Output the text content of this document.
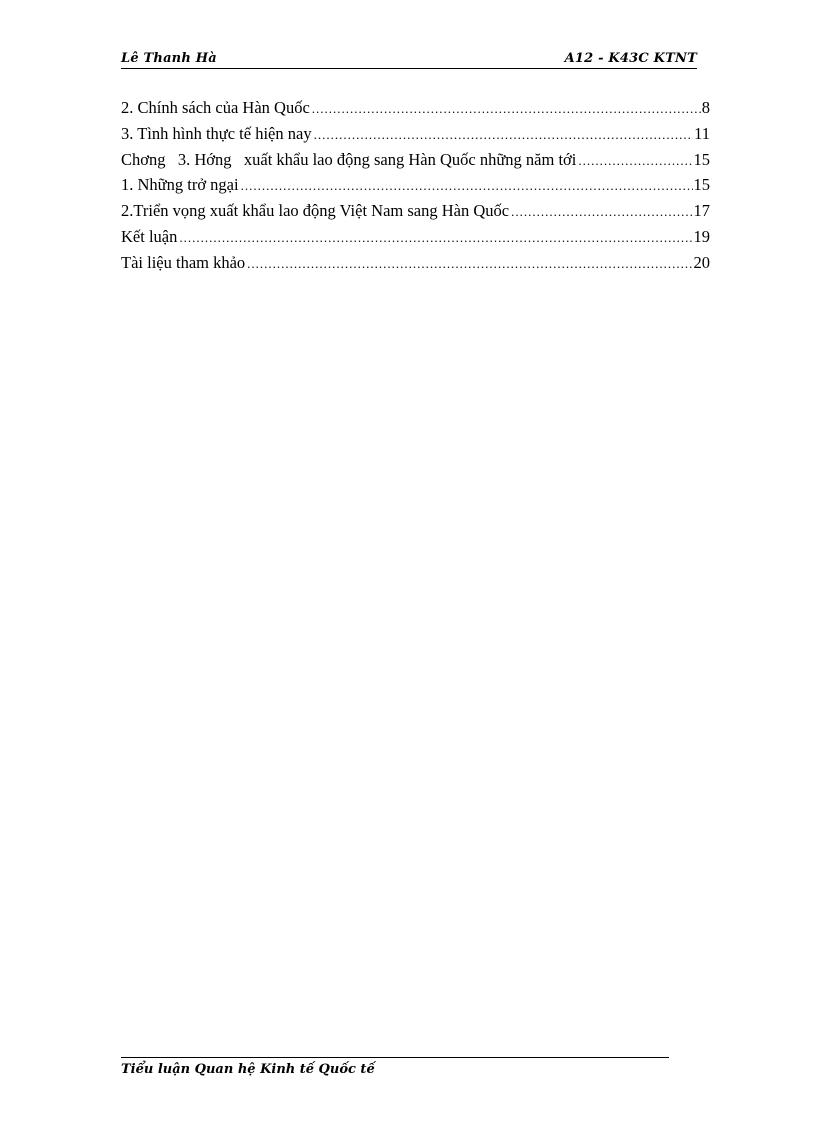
Lê Thanh Hà	A12 - K43C KTNT
2. Chính sách của Hàn Quốc .....	8
3. Tình hình thực tế hiện nay .....	11
Chơng   3. Hớng   xuất khẩu lao động sang Hàn Quốc những năm tới .....	15
1. Những trở ngại .....	15
2.Triển vọng xuất khẩu lao động Việt Nam sang Hàn Quốc .....	17
Kết luận .....	19
Tài liệu tham khảo .....	20
Tiểu luận Quan hệ Kinh tế Quốc tế
